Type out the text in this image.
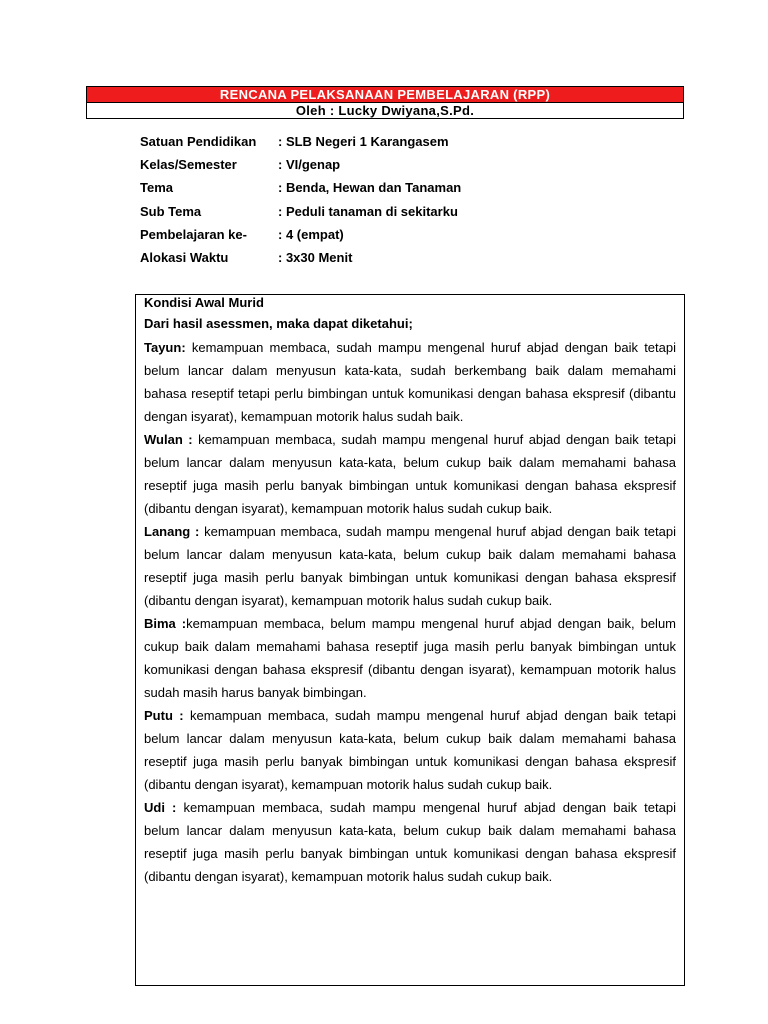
RENCANA PELAKSANAAN PEMBELAJARAN (RPP)
Oleh : Lucky Dwiyana,S.Pd.
Satuan Pendidikan	: SLB Negeri 1 Karangasem
Kelas/Semester	: VI/genap
Tema	: Benda, Hewan dan Tanaman
Sub Tema	: Peduli tanaman di sekitarku
Pembelajaran ke-	: 4 (empat)
Alokasi Waktu	: 3x30 Menit
Kondisi Awal Murid
Dari hasil asessmen, maka dapat diketahui;

Tayun: kemampuan membaca, sudah mampu mengenal huruf abjad dengan baik tetapi belum lancar dalam menyusun kata-kata, sudah berkembang baik dalam memahami bahasa reseptif tetapi perlu bimbingan untuk komunikasi dengan bahasa ekspresif (dibantu dengan isyarat), kemampuan motorik halus sudah baik.

Wulan : kemampuan membaca, sudah mampu mengenal huruf abjad dengan baik tetapi belum lancar dalam menyusun kata-kata, belum cukup baik dalam memahami bahasa reseptif juga masih perlu banyak bimbingan untuk komunikasi dengan bahasa ekspresif (dibantu dengan isyarat), kemampuan motorik halus sudah cukup baik.

Lanang : kemampuan membaca, sudah mampu mengenal huruf abjad dengan baik tetapi belum lancar dalam menyusun kata-kata, belum cukup baik dalam memahami bahasa reseptif juga masih perlu banyak bimbingan untuk komunikasi dengan bahasa ekspresif (dibantu dengan isyarat), kemampuan motorik halus sudah cukup baik.

Bima :kemampuan membaca, belum mampu mengenal huruf abjad dengan baik, belum cukup baik dalam memahami bahasa reseptif juga masih perlu banyak bimbingan untuk komunikasi dengan bahasa ekspresif (dibantu dengan isyarat), kemampuan motorik halus sudah masih harus banyak bimbingan.

Putu : kemampuan membaca, sudah mampu mengenal huruf abjad dengan baik tetapi belum lancar dalam menyusun kata-kata, belum cukup baik dalam memahami bahasa reseptif juga masih perlu banyak bimbingan untuk komunikasi dengan bahasa ekspresif (dibantu dengan isyarat), kemampuan motorik halus sudah cukup baik.

Udi : kemampuan membaca, sudah mampu mengenal huruf abjad dengan baik tetapi belum lancar dalam menyusun kata-kata, belum cukup baik dalam memahami bahasa reseptif juga masih perlu banyak bimbingan untuk komunikasi dengan bahasa ekspresif (dibantu dengan isyarat), kemampuan motorik halus sudah cukup baik.
